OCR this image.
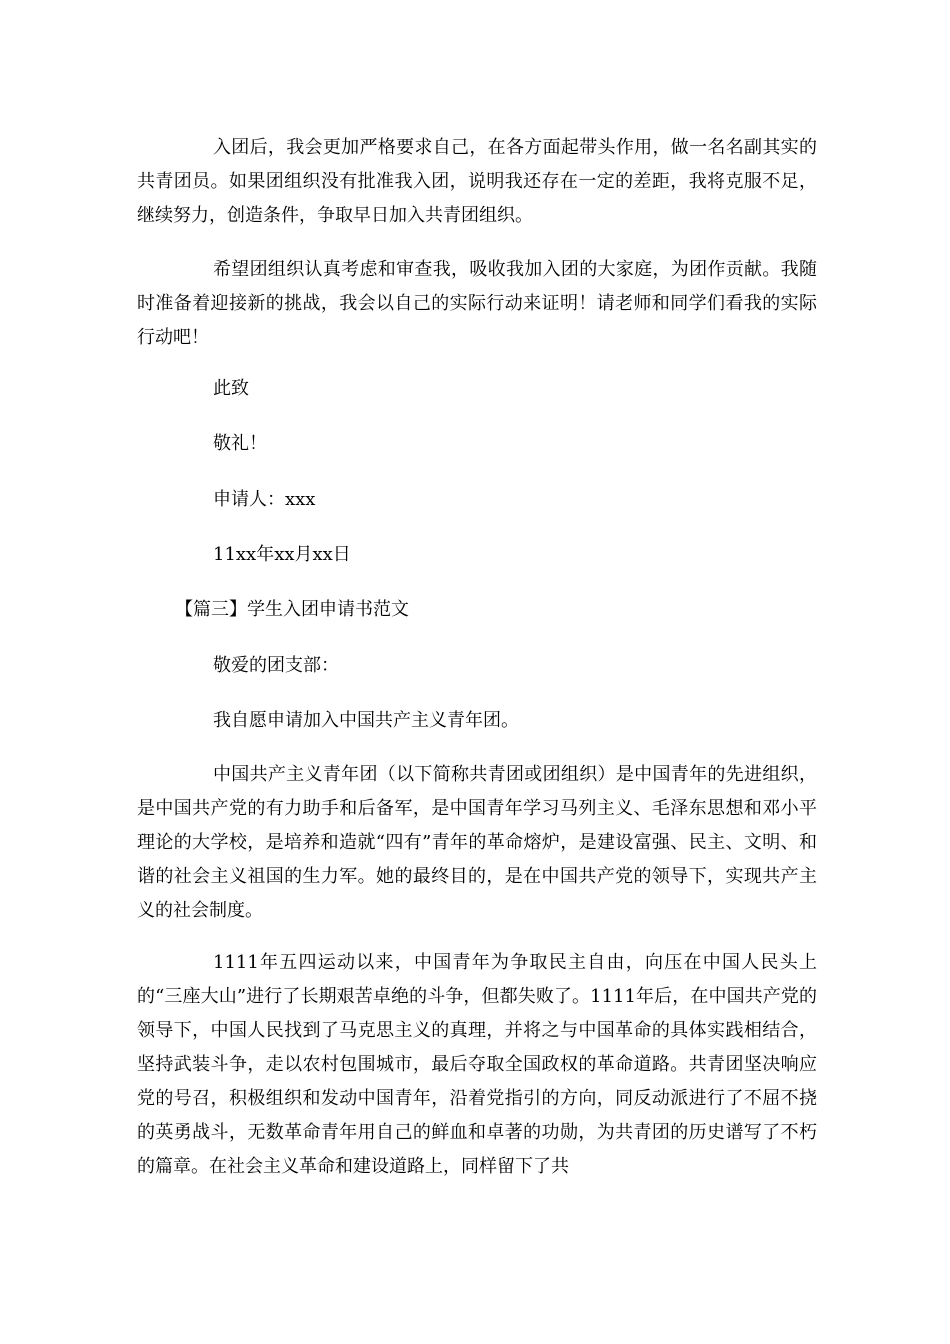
入团后，我会更加严格要求自己，在各方面起带头作用，做一名名副其实的共青团员。如果团组织没有批准我入团，说明我还存在一定的差距，我将克服不足，继续努力，创造条件，争取早日加入共青团组织。

希望团组织认真考虑和审查我，吸收我加入团的大家庭，为团作贡献。我随时准备着迎接新的挑战，我会以自己的实际行动来证明！请老师和同学们看我的实际行动吧！

此致

敬礼！

申请人：xxx

11xx年xx月xx日

【篇三】学生入团申请书范文

敬爱的团支部：

我自愿申请加入中国共产主义青年团。

中国共产主义青年团（以下简称共青团或团组织）是中国青年的先进组织，是中国共产党的有力助手和后备军，是中国青年学习马列主义、毛泽东思想和邓小平理论的大学校，是培养和造就“四有”青年的革命熔炉，是建设富强、民主、文明、和谐的社会主义祖国的生力军。她的最终目的，是在中国共产党的领导下，实现共产主义的社会制度。

1111年五四运动以来，中国青年为争取民主自由，向压在中国人民头上的“三座大山”进行了长期艰苦卓绝的斗争，但都失败了。1111年后，在中国共产党的领导下，中国人民找到了马克思主义的真理，并将之与中国革命的具体实践相结合，坚持武装斗争，走以农村包围城市，最后夺取全国政权的革命道路。共青团坚决响应党的号召，积极组织和发动中国青年，沿着党指引的方向，同反动派进行了不屈不挠的英勇战斗，无数革命青年用自己的鲜血和卓著的功勋，为共青团的历史谱写了不朽的篇章。在社会主义革命和建设道路上，同样留下了共
